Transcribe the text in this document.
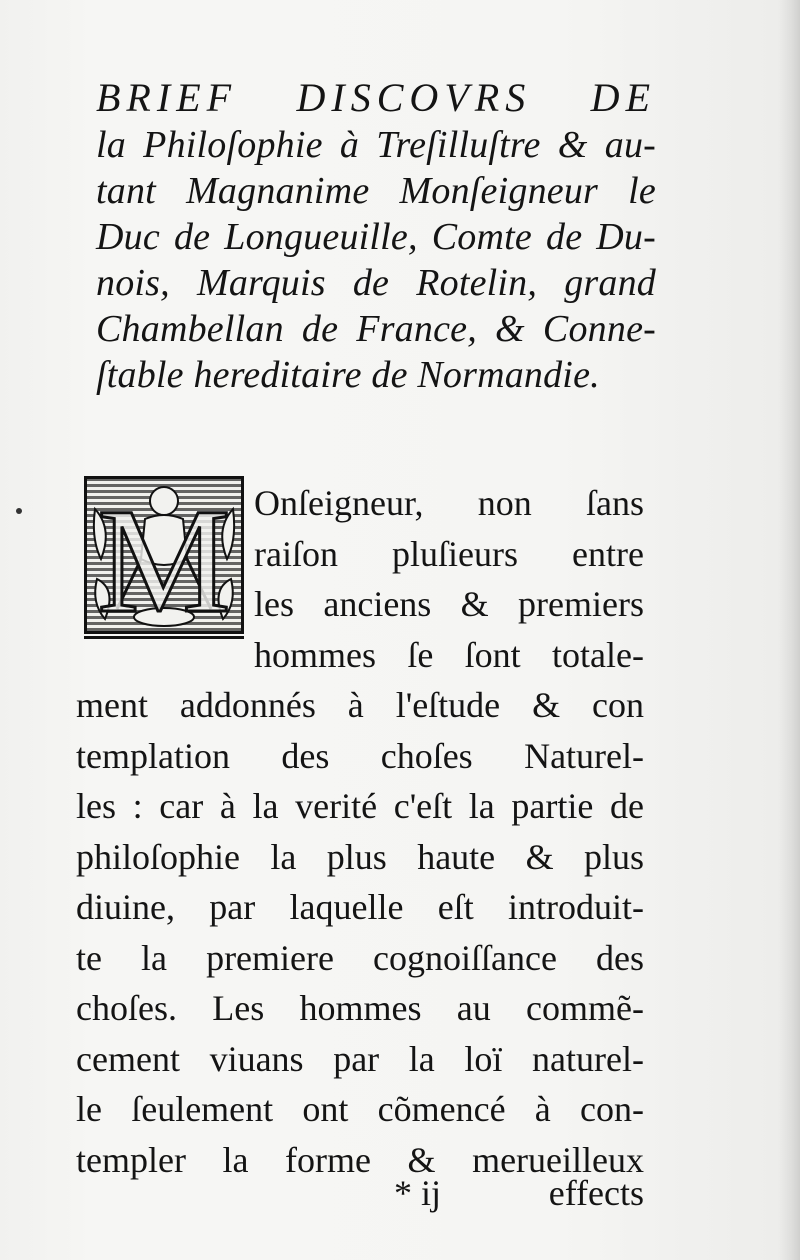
BRIEF DISCOVRS DE
la Philoſophie à Treſilluſtre & au-
tant Magnanime Monſeigneur le
Duc de Longueuille, Comte de Du-
nois, Marquis de Rotelin, grand
Chambellan de France, & Conne-
ſtable hereditaire de Normandie.
M Onſeigneur, non ſans
raiſon pluſieurs entre
les anciens & premiers
hommes ſe ſont totale-
ment addonnés à l'eſtude & con
templation des choſes Naturel-
les : car à la verité c'eſt la partie de
philoſophie la plus haute & plus
diuine, par laquelle eſt introduit-
te la premiere cognoiſſance des
choſes. Les hommes au commẽ-
cement viuans par la loï naturel-
le ſeulement ont cõmencé à con-
templer la forme & merueilleux
* ij	effects
